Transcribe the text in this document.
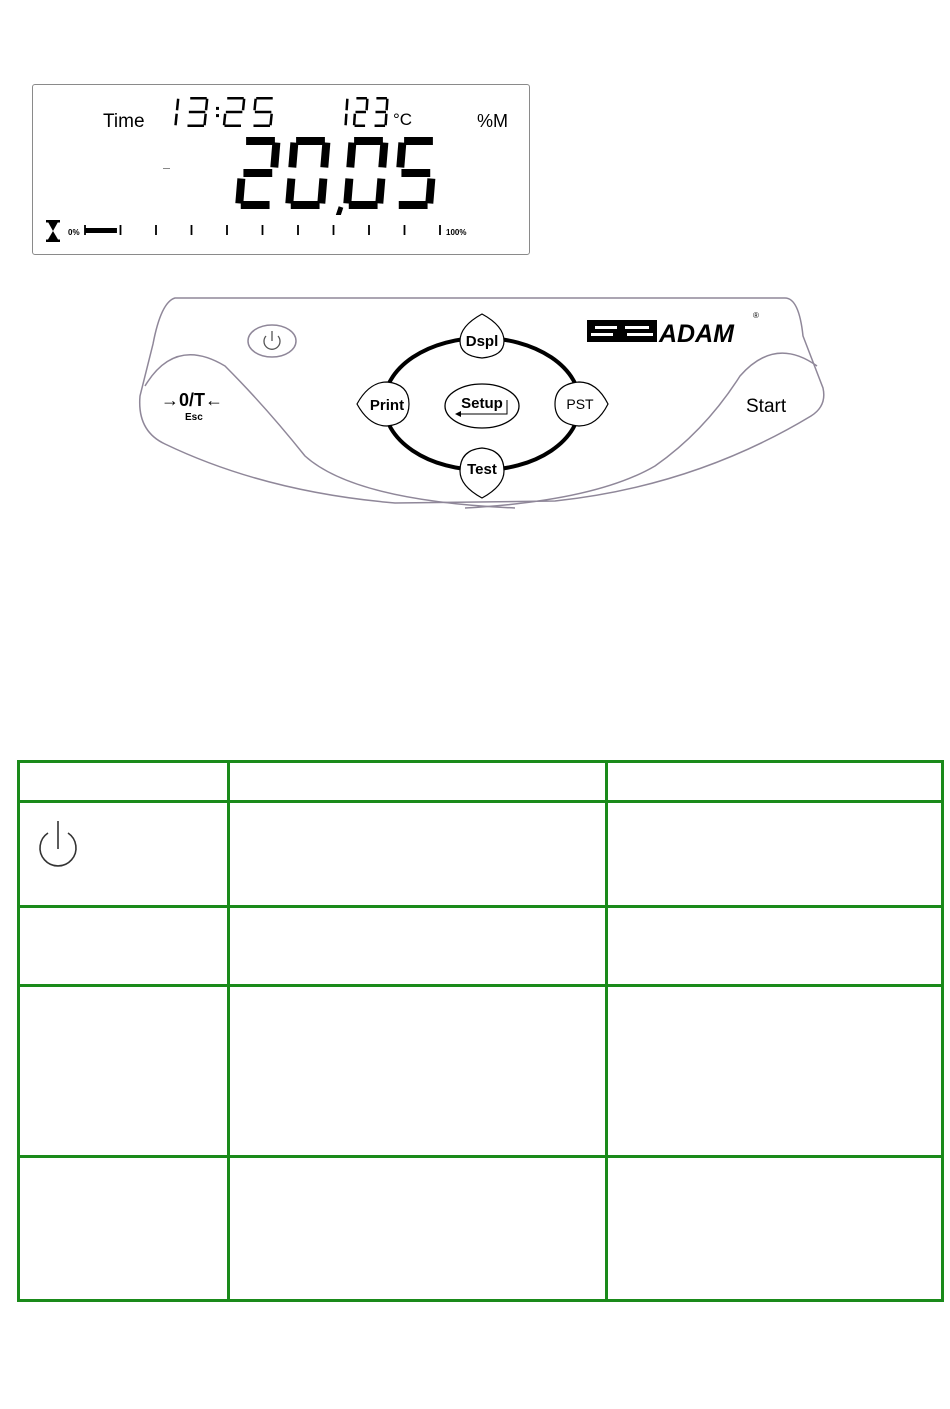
Time	°C	%M
0%	100%
→0/T←
Esc
Dspl
Print	PST
Test
Setup
ADAM
®
Start
